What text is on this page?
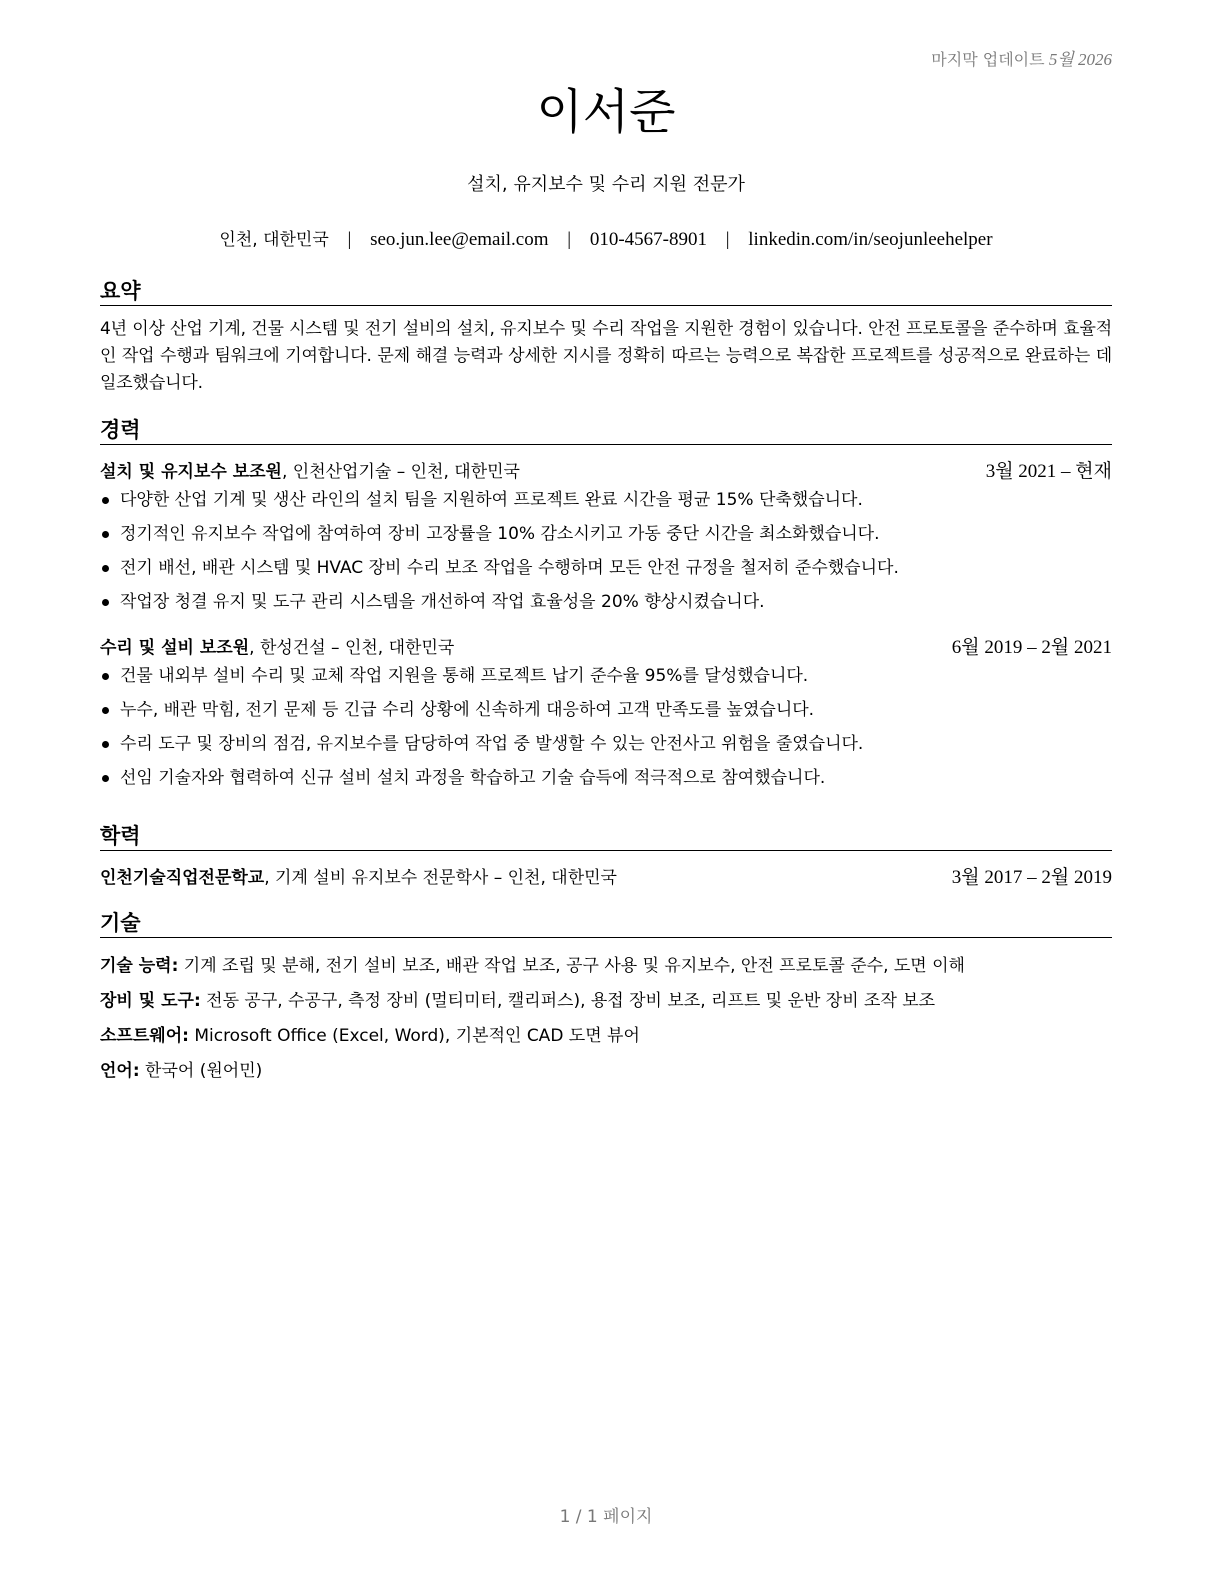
마지막 업데이트 5월 2026
이서준
설치, 유지보수 및 수리 지원 전문가
인천, 대한민국 | seo.jun.lee@email.com | 010-4567-8901 | linkedin.com/in/seojunleehelper
요약
4년 이상 산업 기계, 건물 시스템 및 전기 설비의 설치, 유지보수 및 수리 작업을 지원한 경험이 있습니다. 안전 프로토콜을 준수하며 효율적인 작업 수행과 팀워크에 기여합니다. 문제 해결 능력과 상세한 지시를 정확히 따르는 능력으로 복잡한 프로젝트를 성공적으로 완료하는 데 일조했습니다.
경력
설치 및 유지보수 보조원, 인천산업기술 – 인천, 대한민국	3월 2021 – 현재
다양한 산업 기계 및 생산 라인의 설치 팀을 지원하여 프로젝트 완료 시간을 평균 15% 단축했습니다.
정기적인 유지보수 작업에 참여하여 장비 고장률을 10% 감소시키고 가동 중단 시간을 최소화했습니다.
전기 배선, 배관 시스템 및 HVAC 장비 수리 보조 작업을 수행하며 모든 안전 규정을 철저히 준수했습니다.
작업장 청결 유지 및 도구 관리 시스템을 개선하여 작업 효율성을 20% 향상시켰습니다.
수리 및 설비 보조원, 한성건설 – 인천, 대한민국	6월 2019 – 2월 2021
건물 내외부 설비 수리 및 교체 작업 지원을 통해 프로젝트 납기 준수율 95%를 달성했습니다.
누수, 배관 막힘, 전기 문제 등 긴급 수리 상황에 신속하게 대응하여 고객 만족도를 높였습니다.
수리 도구 및 장비의 점검, 유지보수를 담당하여 작업 중 발생할 수 있는 안전사고 위험을 줄였습니다.
선임 기술자와 협력하여 신규 설비 설치 과정을 학습하고 기술 습득에 적극적으로 참여했습니다.
학력
인천기술직업전문학교, 기계 설비 유지보수 전문학사 – 인천, 대한민국	3월 2017 – 2월 2019
기술
기술 능력: 기계 조립 및 분해, 전기 설비 보조, 배관 작업 보조, 공구 사용 및 유지보수, 안전 프로토콜 준수, 도면 이해
장비 및 도구: 전동 공구, 수공구, 측정 장비 (멀티미터, 캘리퍼스), 용접 장비 보조, 리프트 및 운반 장비 조작 보조
소프트웨어: Microsoft Office (Excel, Word), 기본적인 CAD 도면 뷰어
언어: 한국어 (원어민)
1 / 1 페이지
